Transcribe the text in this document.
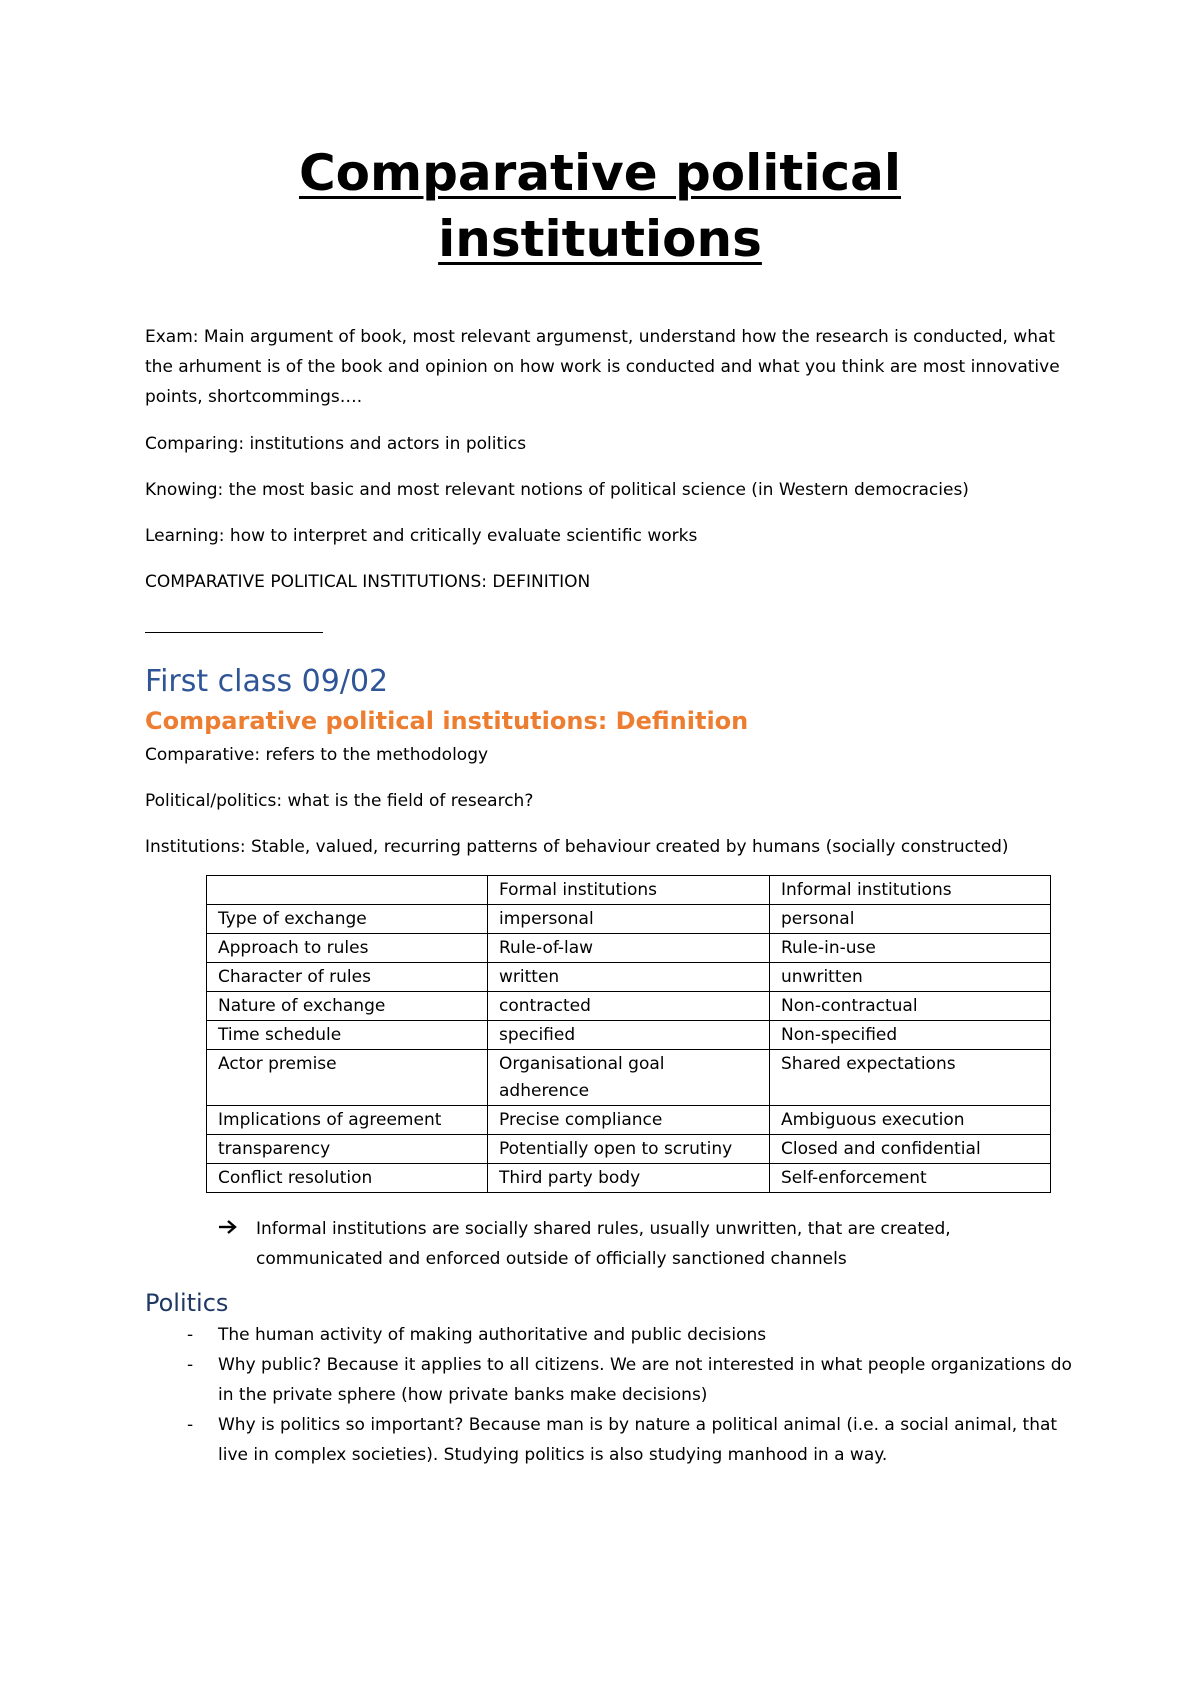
Comparative political
institutions

Exam: Main argument of book, most relevant argumenst, understand how the research is conducted, what the arhument is of the book and opinion on how work is conducted and what you think are most innovative points, shortcommings….

Comparing: institutions and actors in politics

Knowing: the most basic and most relevant notions of political science (in Western democracies)

Learning: how to interpret and critically evaluate scientific works

COMPARATIVE POLITICAL INSTITUTIONS: DEFINITION

First class 09/02
Comparative political institutions: Definition

Comparative: refers to the methodology

Political/politics: what is the field of research?

Institutions: Stable, valued, recurring patterns of behaviour created by humans (socially constructed)

	Formal institutions	Informal institutions
Type of exchange	impersonal	personal
Approach to rules	Rule-of-law	Rule-in-use
Character of rules	written	unwritten
Nature of exchange	contracted	Non-contractual
Time schedule	specified	Non-specified
Actor premise	Organisational goal adherence	Shared expectations
Implications of agreement	Precise compliance	Ambiguous execution
transparency	Potentially open to scrutiny	Closed and confidential
Conflict resolution	Third party body	Self-enforcement
Informal institutions are socially shared rules, usually unwritten, that are created, communicated and enforced outside of officially sanctioned channels
Politics
- The human activity of making authoritative and public decisions
- Why public? Because it applies to all citizens. We are not interested in what people organizations do in the private sphere (how private banks make decisions)
- Why is politics so important? Because man is by nature a political animal (i.e. a social animal, that live in complex societies). Studying politics is also studying manhood in a way.
